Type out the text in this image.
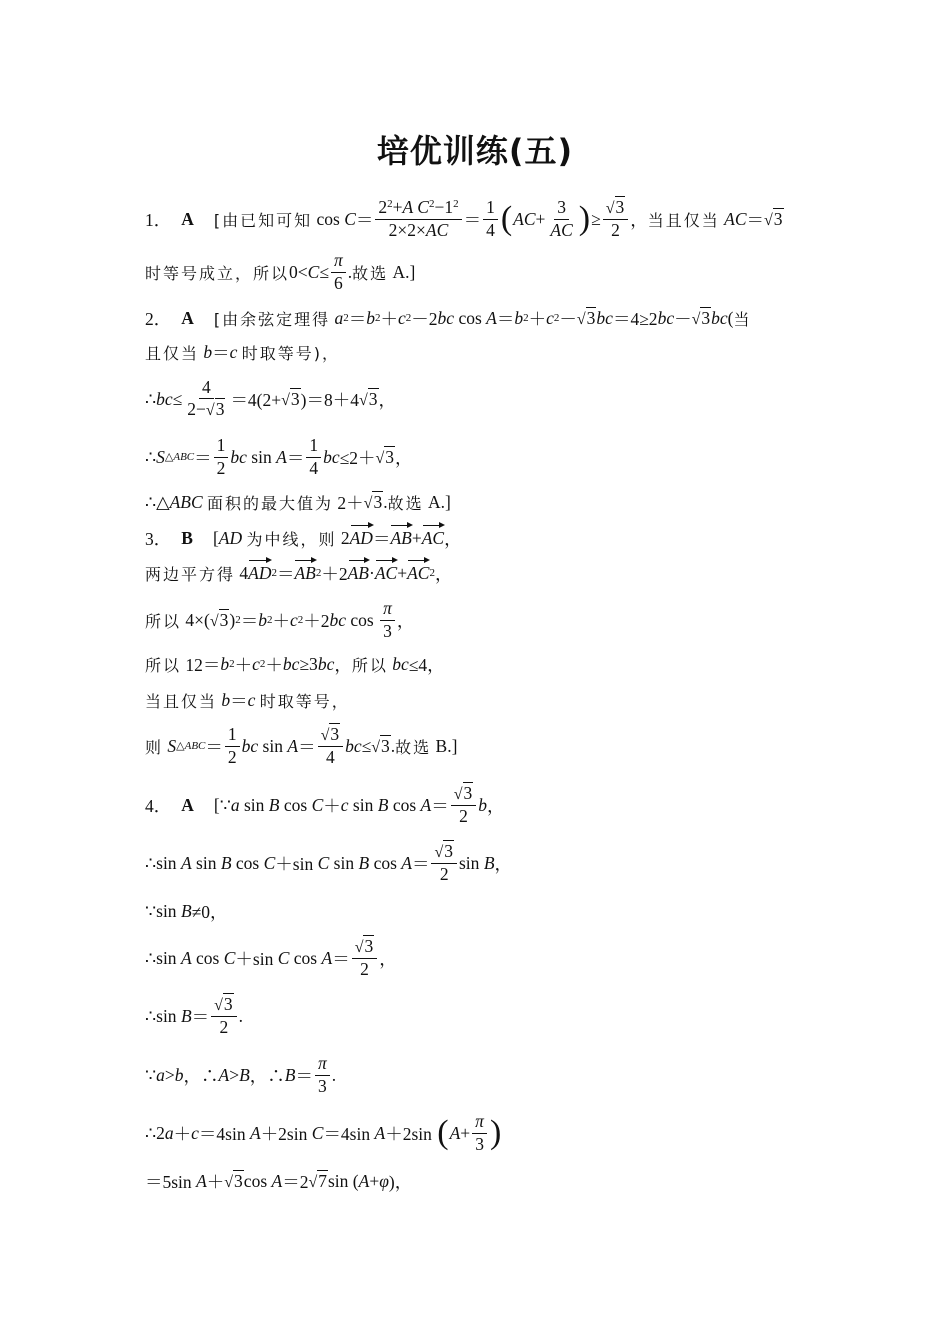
培优训练(五)
1． A [由已知可知 $\cos C = \frac{2^2+A C^2-1^2}{2\times 2\times AC} = \frac{1}{4}$ ( AC + $\frac{3}{AC}$ ) ≥ $\frac{√3}{2}$ ， 当且仅当
AC ＝ √3
时等号成立，所以 $0< C \le \frac{\pi}{6}$ . 故选 A.]
2． A [由余弦定理得
a 2 ＝ b 2 ＋ c 2 －2 bc cos A ＝ b 2 ＋ c 2 － √3 bc ＝4≥2 bc － √3 bc ( 当
且仅当
b ＝ c
时取等号)，
∴ bc ≤ $\frac{4}{2-√3} =4(2+ √3$ )＝8＋4 √3 ，
∴ S △ABC ＝ $\frac{1}{2}$ bc $\sin A = \frac{1}{4}$ bc ≤2＋ √3 ，
∴△ ABC
面积的最大值为 2＋ √3 . 故选 A.]
3． B [ AD
为中线，则 2 AD ＝ AB + AC ，
两边平方得 4 AD 2 ＝ AB 2 ＋2 AB · AC + AC 2 ，
所以 4×( √3 ) 2 ＝ b 2 ＋ c 2 ＋2 bc $\cos \frac{\pi}{3}$ ，
所以 12＝ b 2 ＋ c 2 ＋ bc ≥3 bc ， 所以
bc ≤4，
当且仅当
b ＝ c
时取等号，
则
S △ABC ＝ $\frac{1}{2}$ bc $\sin A = \frac{√3}{4}$ bc ≤ √3 . 故选 B.]
4． A [∵ a sin B cos C ＋ c sin B $\cos A = \frac{√3}{2}$ b ，
∴sin A sin B cos C ＋sin C sin B $\cos A = \frac{√3}{2}$ sin B ，
∵sin B ≠0，
∴sin A cos C ＋sin C $\cos A = \frac{√3}{2}$ ，
∴sin $B = \frac{√3}{2}$ .
∵ a > b ，∴ A > B ，∴ $B = \frac{\pi}{3}$ .
∴2 a ＋ c ＝4sin A ＋2sin C ＝4sin A ＋2sin ( $A + \frac{\pi}{3}$ )
＝5sin A ＋ √3 cos A ＝2 √7 sin ( A + φ )，
